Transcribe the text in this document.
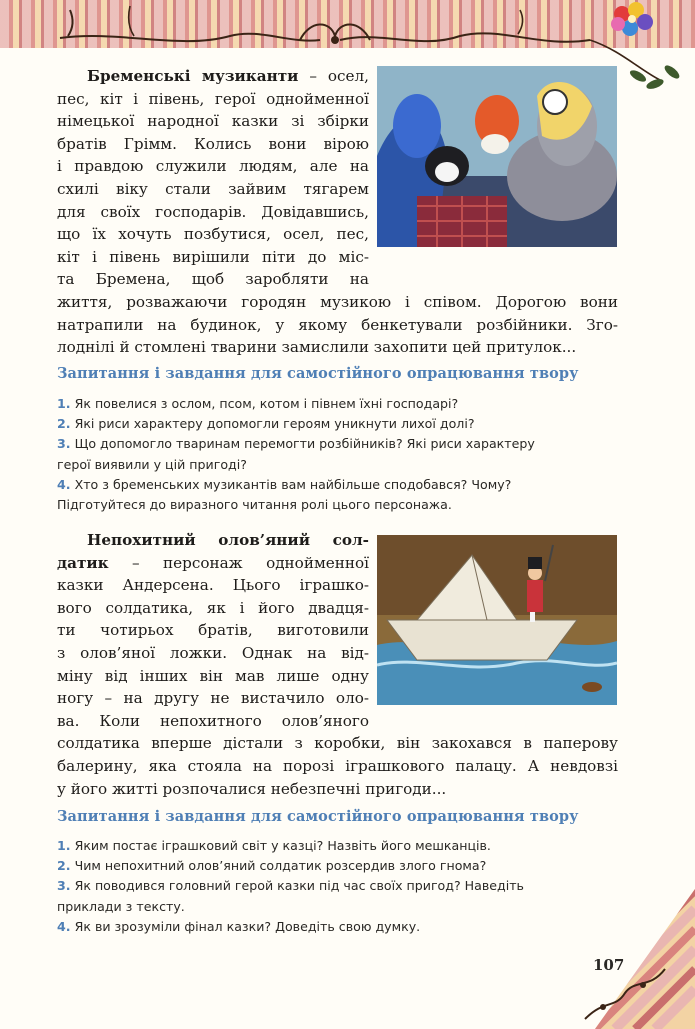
Бременські музиканти – осел,

пес, кіт і півень, герої однойменної

німецької народної казки зі збірки

братів Грімм. Колись вони вірою

і правдою служили людям, але на

схилі віку стали зайвим тягарем

для своїх господарів. Довідавшись,

що їх хочуть позбутися, осел, пес,

кіт і півень вирішили піти до міс-

та Бремена, щоб заробляти на

життя, розважаючи городян музикою і співом. Дорогою вони

натрапили на будинок, у якому бенкетували розбійники. Зго-

лоднілі й стомлені тварини замислили захопити цей притулок...

Запитання і завдання для самостійного опрацювання твору
1. Як повелися з ослом, псом, котом і півнем їхні господарі?
2. Які риси характеру допомогли героям уникнути лихої долі?
3. Що допомогло тваринам перемогти розбійників? Які риси характеру
герої виявили у цій пригоді?
4. Хто з бременських музикантів вам найбільше сподобався? Чому?
Підготуйтеся до виразного читання ролі цього персонажа.

Непохитний олов’яний сол-

датик – персонаж однойменної

казки Андерсена. Цього іграшко-

вого солдатика, як і його двадця-

ти чотирьох братів, виготовили

з олов’яної ложки. Однак на від-

міну від інших він мав лише одну

ногу – на другу не вистачило оло-

ва. Коли непохитного олов’яного

солдатика вперше дістали з коробки, він закохався в паперову

балерину, яка стояла на порозі іграшкового палацу. А невдовзі

у його житті розпочалися небезпечні пригоди...

Запитання і завдання для самостійного опрацювання твору
1. Яким постає іграшковий світ у казці? Назвіть його мешканців.
2. Чим непохитний олов’яний солдатик розсердив злого гнома?
3. Як поводився головний герой казки під час своїх пригод? Наведіть
приклади з тексту.
4. Як ви зрозуміли фінал казки? Доведіть свою думку.
107
